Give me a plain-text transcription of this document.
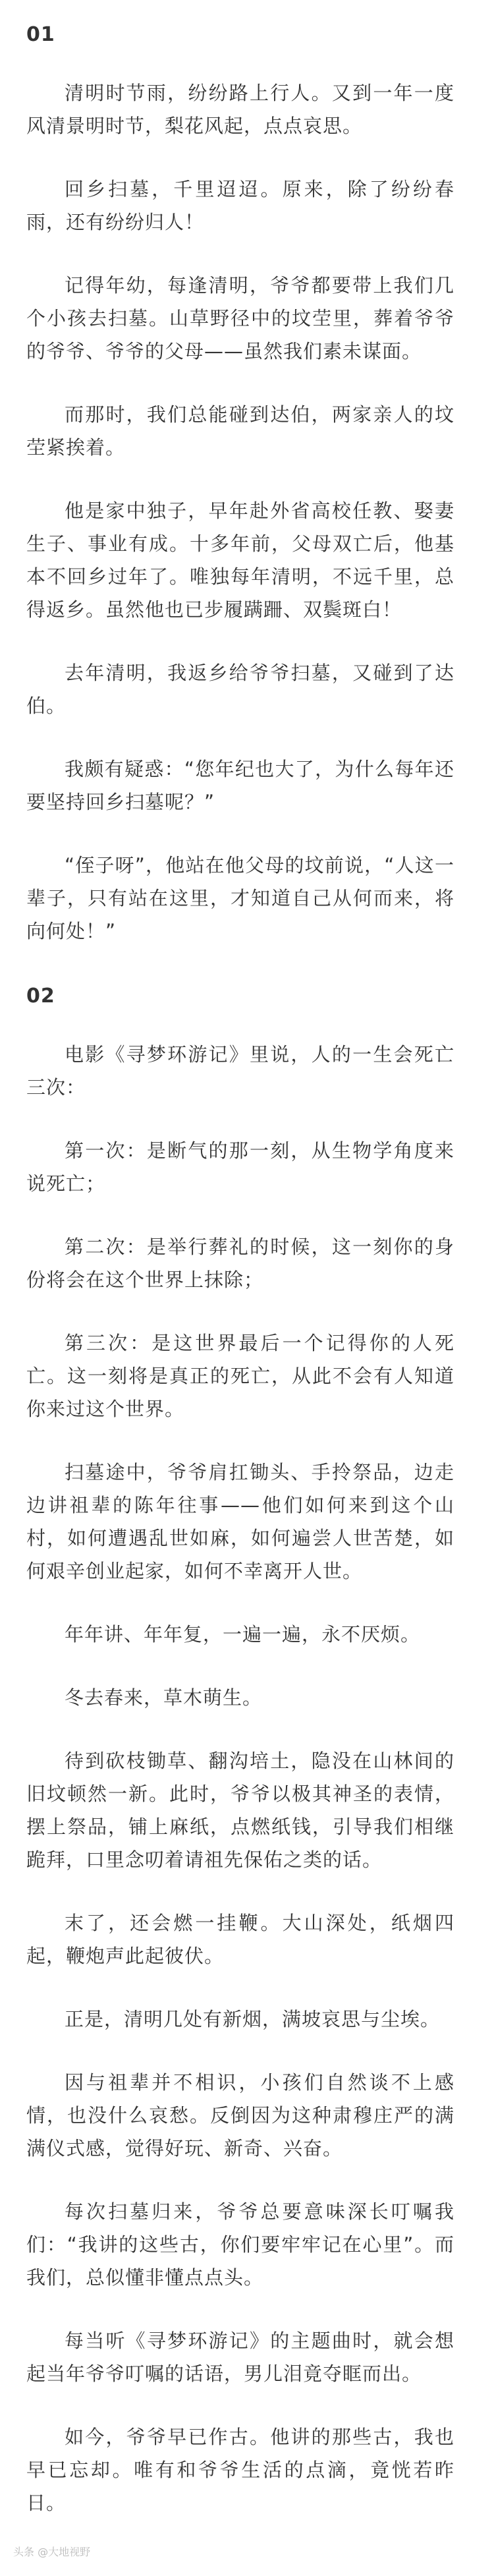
01

清明时节雨，纷纷路上行人。又到一年一度风清景明时节，梨花风起，点点哀思。

回乡扫墓，千里迢迢。原来，除了纷纷春雨，还有纷纷归人！

记得年幼，每逢清明，爷爷都要带上我们几个小孩去扫墓。山草野径中的坟茔里，葬着爷爷的爷爷、爷爷的父母——虽然我们素未谋面。

而那时，我们总能碰到达伯，两家亲人的坟茔紧挨着。

他是家中独子，早年赴外省高校任教、娶妻生子、事业有成。十多年前，父母双亡后，他基本不回乡过年了。唯独每年清明，不远千里，总得返乡。虽然他也已步履蹒跚、双鬓斑白！

去年清明，我返乡给爷爷扫墓，又碰到了达伯。

我颇有疑惑：“您年纪也大了，为什么每年还要坚持回乡扫墓呢？”

“侄子呀”，他站在他父母的坟前说，“人这一辈子，只有站在这里，才知道自己从何而来，将向何处！”

02

电影《寻梦环游记》里说，人的一生会死亡三次：

第一次：是断气的那一刻，从生物学角度来说死亡；

第二次：是举行葬礼的时候，这一刻你的身份将会在这个世界上抹除；

第三次：是这世界最后一个记得你的人死亡。这一刻将是真正的死亡，从此不会有人知道你来过这个世界。

扫墓途中，爷爷肩扛锄头、手拎祭品，边走边讲祖辈的陈年往事——他们如何来到这个山村，如何遭遇乱世如麻，如何遍尝人世苦楚，如何艰辛创业起家，如何不幸离开人世。

年年讲、年年复，一遍一遍，永不厌烦。

冬去春来，草木萌生。

待到砍枝锄草、翻沟培土，隐没在山林间的旧坟顿然一新。此时，爷爷以极其神圣的表情，摆上祭品，铺上麻纸，点燃纸钱，引导我们相继跪拜，口里念叨着请祖先保佑之类的话。

末了，还会燃一挂鞭。大山深处，纸烟四起，鞭炮声此起彼伏。

正是，清明几处有新烟，满坡哀思与尘埃。

因与祖辈并不相识，小孩们自然谈不上感情，也没什么哀愁。反倒因为这种肃穆庄严的满满仪式感，觉得好玩、新奇、兴奋。

每次扫墓归来，爷爷总要意味深长叮嘱我们：“我讲的这些古，你们要牢牢记在心里”。而我们，总似懂非懂点点头。

每当听《寻梦环游记》的主题曲时，就会想起当年爷爷叮嘱的话语，男儿泪竟夺眶而出。

如今，爷爷早已作古。他讲的那些古，我也早已忘却。唯有和爷爷生活的点滴，竟恍若昨日。

头条 @大地视野
